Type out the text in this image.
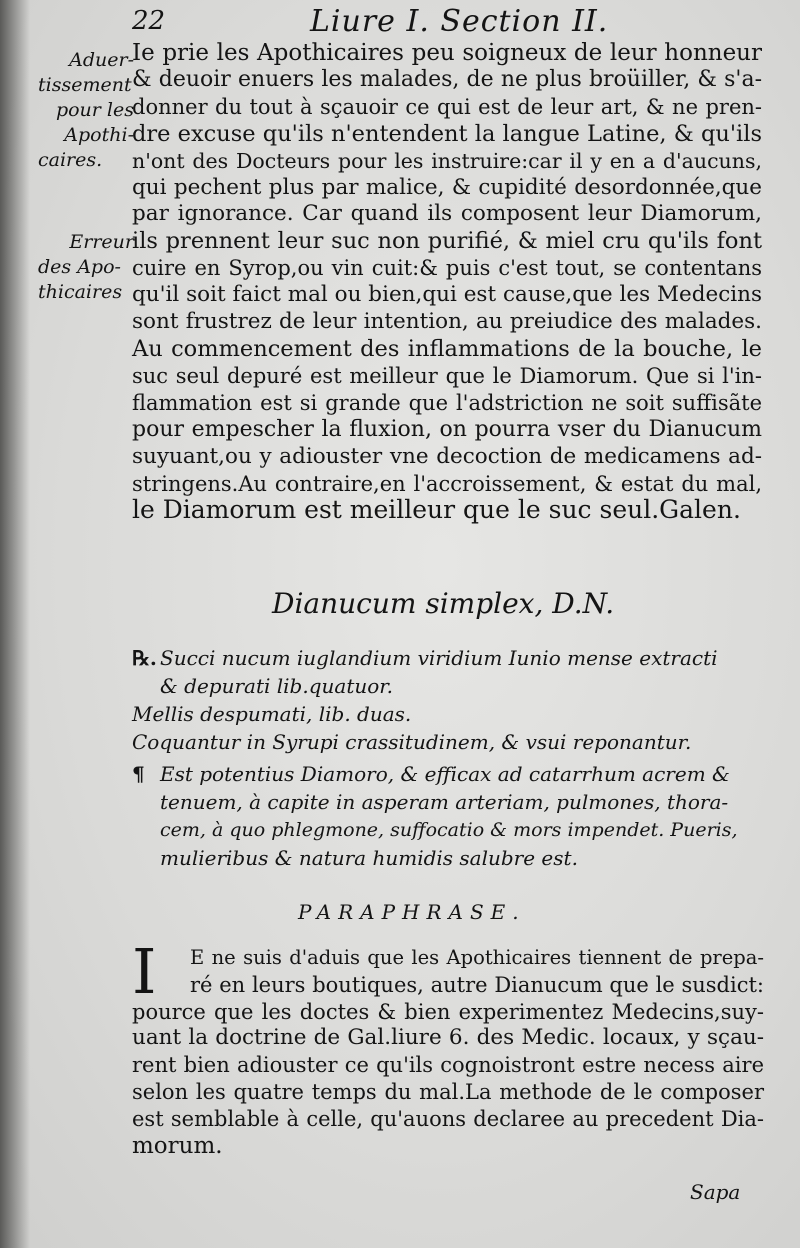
22	Liure I. Section II.
Aduer-
tissement
pour les
Apothi-
caires.
Erreur
des Apo-
thicaires
Ie prie les Apothicaires peu soigneux de leur honneur
& deuoir enuers les malades, de ne plus broüiller, & s'a-
donner du tout à sçauoir ce qui est de leur art, & ne pren-
dre excuse qu'ils n'entendent la langue Latine, & qu'ils
n'ont des Docteurs pour les instruire:car il y en a d'aucuns,
qui pechent plus par malice, & cupidité desordonnée,que
par ignorance. Car quand ils composent leur Diamorum,
ils prennent leur suc non purifié, & miel cru qu'ils font
cuire en Syrop,ou vin cuit:& puis c'est tout, se contentans
qu'il soit faict mal ou bien,qui est cause,que les Medecins
sont frustrez de leur intention, au preiudice des malades.
Au commencement des inflammations de la bouche, le
suc seul depuré est meilleur que le Diamorum. Que si l'in-
flammation est si grande que l'adstriction ne soit suffisãte
pour empescher la fluxion, on pourra vser du Dianucum
suyuant,ou y adiouster vne decoction de medicamens ad-
stringens.Au contraire,en l'accroissement, & estat du mal,
le Diamorum est meilleur que le suc seul.Galen.
Dianucum simplex, D.N.
℞. Succi nucum iuglandium viridium Iunio mense extracti
& depurati lib.quatuor.
Mellis despumati, lib. duas.
Coquantur in Syrupi crassitudinem, & vsui reponantur.
¶ Est potentius Diamoro, & efficax ad catarrhum acrem &
tenuem, à capite in asperam arteriam, pulmones, thora-
cem, à quo phlegmone, suffocatio & mors impendet. Pueris,
mulieribus & natura humidis salubre est.
PARAPHRASE.
I	E ne suis d'aduis que les Apothicaires tiennent de prepa-
ré en leurs boutiques, autre Dianucum que le susdict:
pource que les doctes & bien experimentez Medecins,suy-
uant la doctrine de Gal.liure 6. des Medic. locaux, y sçau-
rent bien adiouster ce qu'ils cognoistront estre necess aire
selon les quatre temps du mal.La methode de le composer
est semblable à celle, qu'auons declaree au precedent Dia-
morum.
Sapa
